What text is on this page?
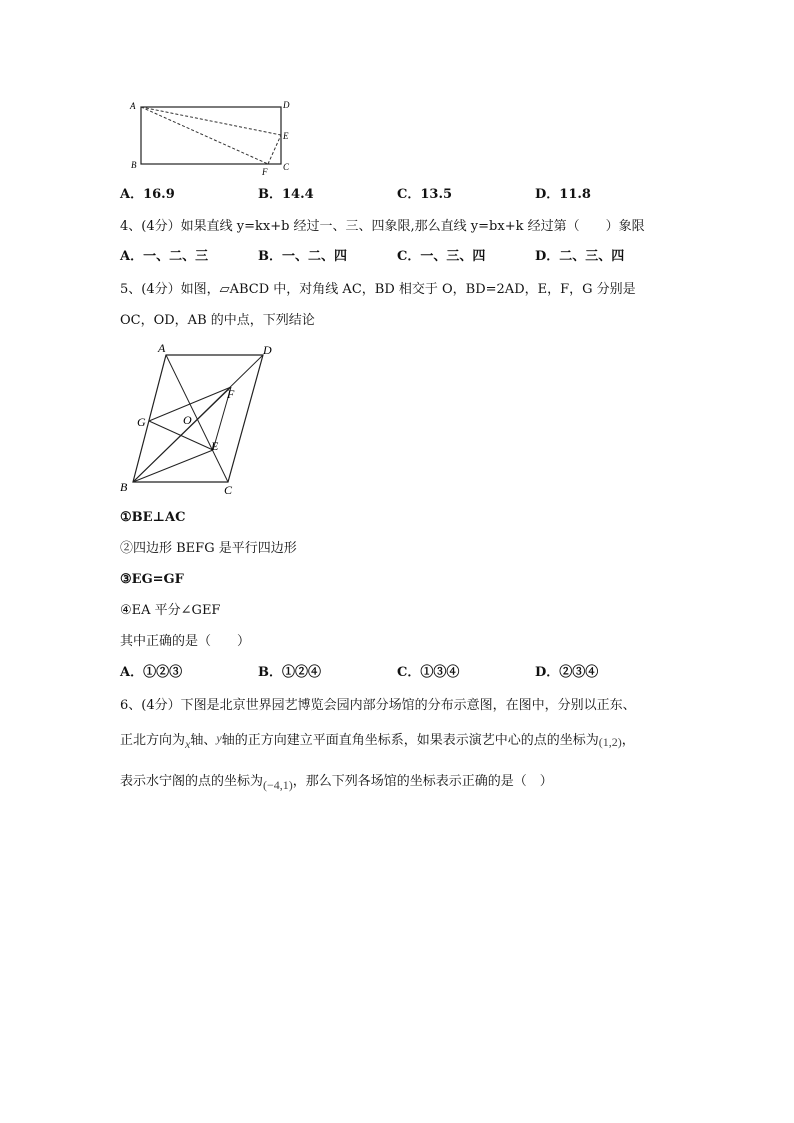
A	D
E
B	C
F
A．16.9	B．14.4	C．13.5	D．11.8
4、(4分）如果直线 y=kx+b 经过一、三、四象限,那么直线 y=bx+k 经过第（　　）象限
A．一、二、三	B．一、二、四	C．一、三、四	D．二、三、四
5、(4分）如图，▱ABCD 中，对角线 AC，BD 相交于 O，BD=2AD，E，F，G 分别是
OC，OD，AB 的中点，下列结论
A	D
F
G	O
E
B	C
①BE⊥AC
②四边形 BEFG 是平行四边形
③EG=GF
④EA 平分∠GEF
其中正确的是（　　）
A．①②③	B．①②④	C．①③④	D．②③④
6、(4分）下图是北京世界园艺博览会园内部分场馆的分布示意图，在图中，分别以正东、
正北方向为x轴、y轴的正方向建立平面直角坐标系，如果表示演艺中心的点的坐标为(1,2)，
表示水宁阁的点的坐标为(−4,1)，那么下列各场馆的坐标表示正确的是（　）
